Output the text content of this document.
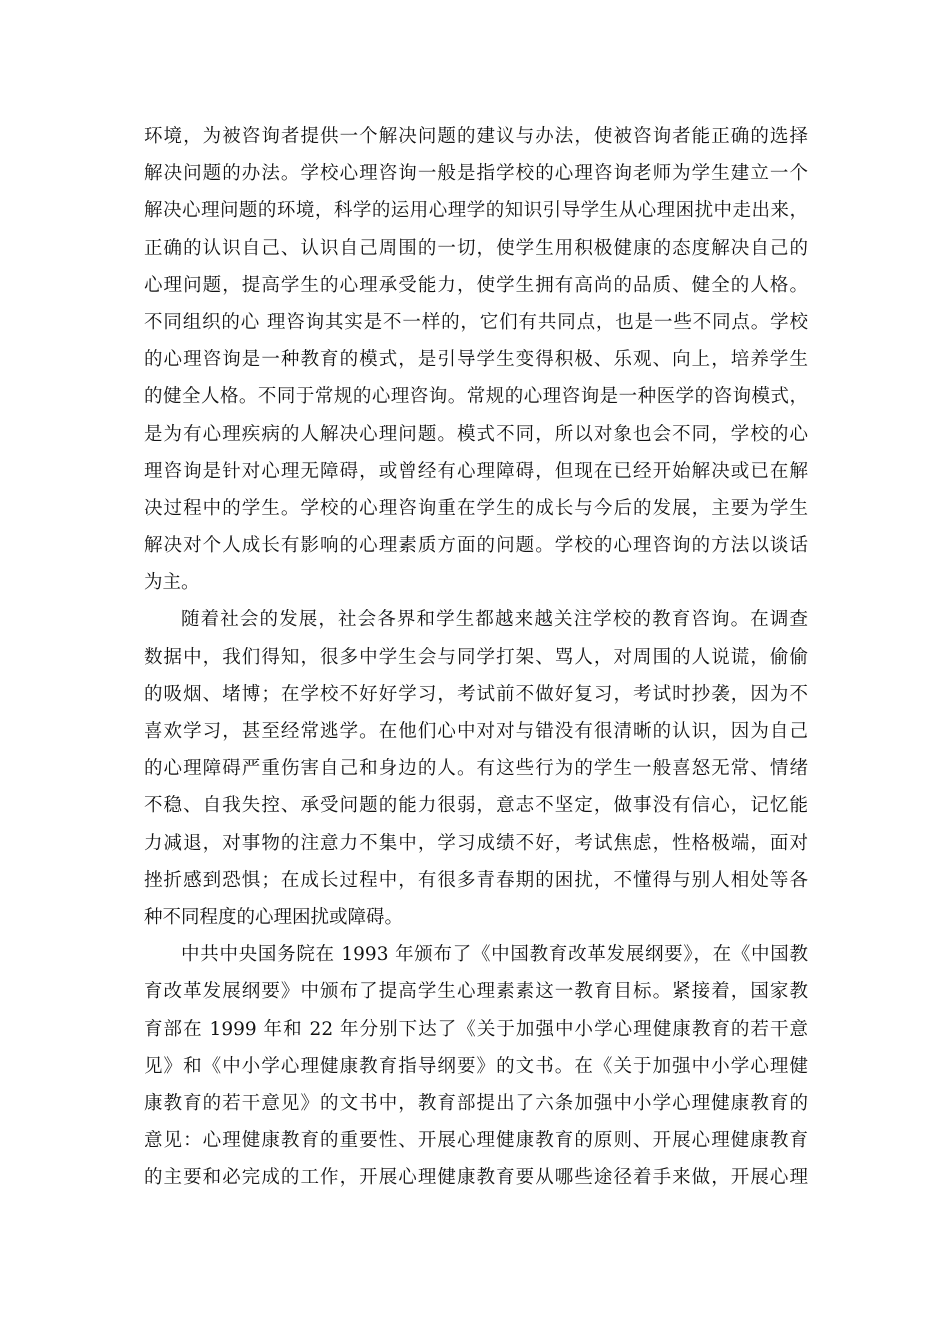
环境，为被咨询者提供一个解决问题的建议与办法，使被咨询者能正确的选择
解决问题的办法。学校心理咨询一般是指学校的心理咨询老师为学生建立一个
解决心理问题的环境，科学的运用心理学的知识引导学生从心理困扰中走出来，
正确的认识自己、认识自己周围的一切，使学生用积极健康的态度解决自己的
心理问题，提高学生的心理承受能力，使学生拥有高尚的品质、健全的人格。
不同组织的心 理咨询其实是不一样的，它们有共同点，也是一些不同点。学校
的心理咨询是一种教育的模式，是引导学生变得积极、乐观、向上，培养学生
的健全人格。不同于常规的心理咨询。常规的心理咨询是一种医学的咨询模式，
是为有心理疾病的人解决心理问题。模式不同，所以对象也会不同，学校的心
理咨询是针对心理无障碍，或曾经有心理障碍，但现在已经开始解决或已在解
决过程中的学生。学校的心理咨询重在学生的成长与今后的发展，主要为学生
解决对个人成长有影响的心理素质方面的问题。学校的心理咨询的方法以谈话
为主。
随着社会的发展，社会各界和学生都越来越关注学校的教育咨询。在调查
数据中，我们得知，很多中学生会与同学打架、骂人，对周围的人说谎，偷偷
的吸烟、堵博；在学校不好好学习，考试前不做好复习，考试时抄袭，因为不
喜欢学习，甚至经常逃学。在他们心中对对与错没有很清晰的认识，因为自己
的心理障碍严重伤害自己和身边的人。有这些行为的学生一般喜怒无常、情绪
不稳、自我失控、承受问题的能力很弱，意志不坚定，做事没有信心，记忆能
力减退，对事物的注意力不集中，学习成绩不好，考试焦虑，性格极端，面对
挫折感到恐惧；在成长过程中，有很多青春期的困扰，不懂得与别人相处等各
种不同程度的心理困扰或障碍。
中共中央国务院在 1993 年颁布了《中国教育改革发展纲要》，在《中国教
育改革发展纲要》中颁布了提高学生心理素素这一教育目标。紧接着，国家教
育部在 1999 年和 22 年分别下达了《关于加强中小学心理健康教育的若干意
见》和《中小学心理健康教育指导纲要》的文书。在《关于加强中小学心理健
康教育的若干意见》的文书中，教育部提出了六条加强中小学心理健康教育的
意见：心理健康教育的重要性、开展心理健康教育的原则、开展心理健康教育
的主要和必完成的工作，开展心理健康教育要从哪些途径着手来做，开展心理
